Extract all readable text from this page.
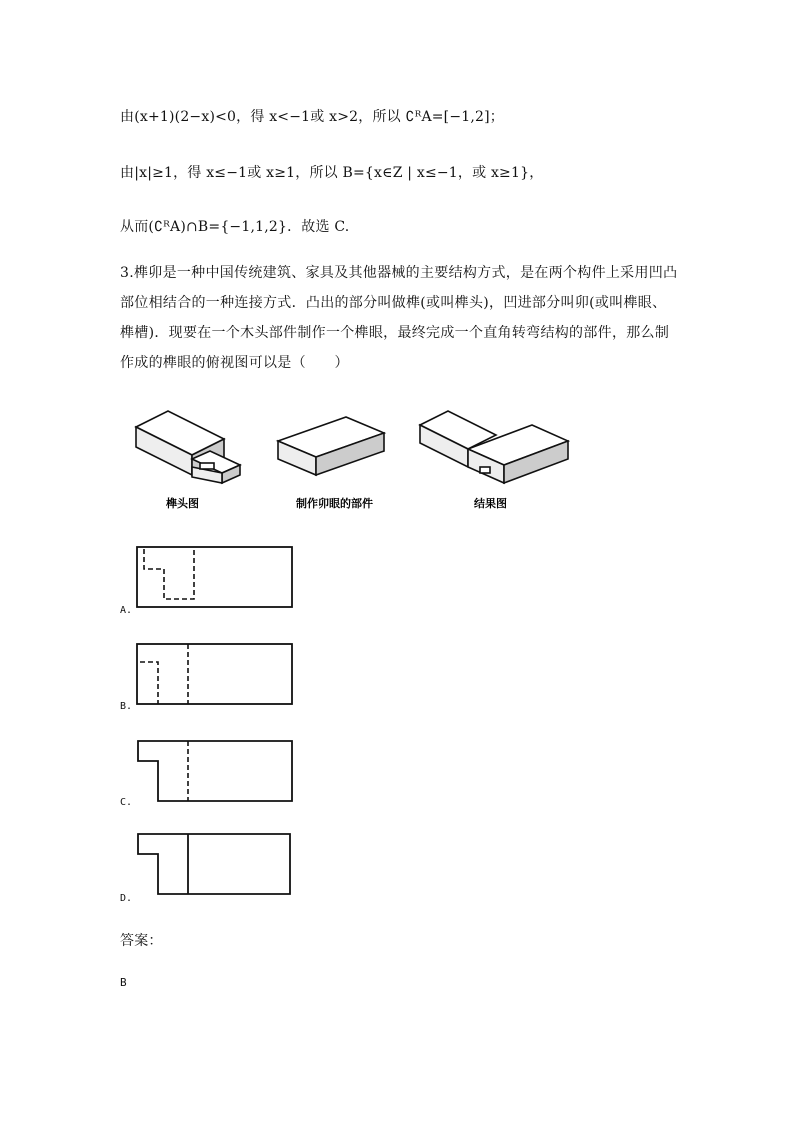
由(x+1)(2−x)<0，得 x<−1或 x>2，所以 ∁ᴿA=[−1,2]；
由|x|≥1，得 x≤−1或 x≥1，所以 B={x∈Z | x≤−1，或 x≥1}，
从而(∁ᴿA)∩B={−1,1,2}．故选 C.
3.榫卯是一种中国传统建筑、家具及其他器械的主要结构方式，是在两个构件上采用凹凸部位相结合的一种连接方式．凸出的部分叫做榫(或叫榫头)，凹进部分叫卯(或叫榫眼、榫槽)．现要在一个木头部件制作一个榫眼，最终完成一个直角转弯结构的部件，那么制作成的榫眼的俯视图可以是（　　）
榫头图	制作卯眼的部件	结果图
A.
B.
C.
D.
答案：
B
